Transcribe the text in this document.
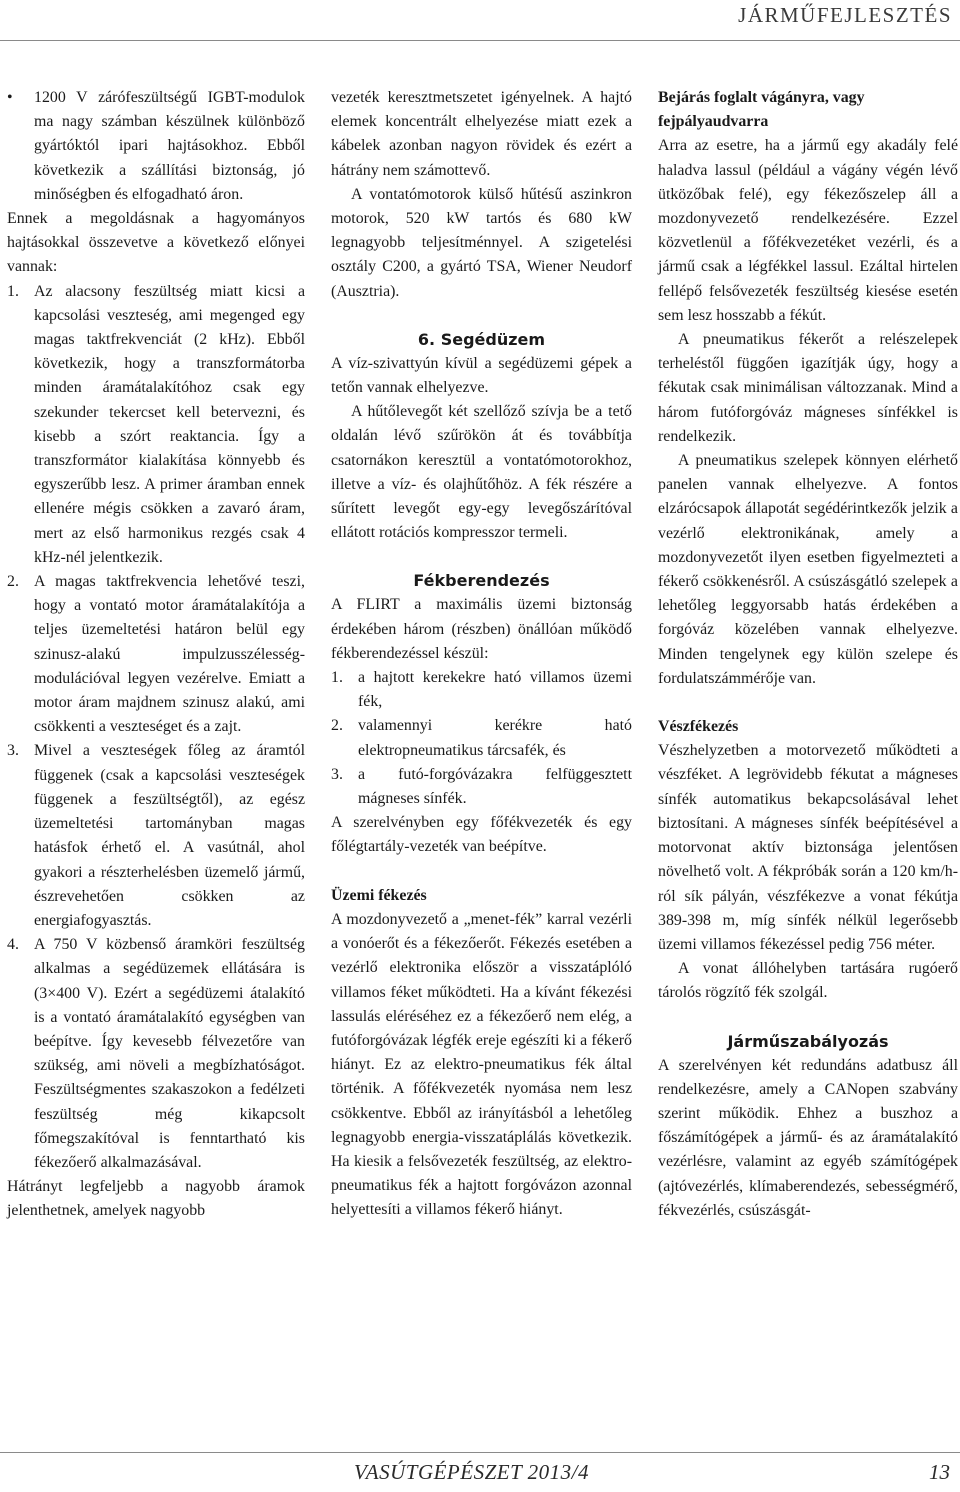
JÁRMŰFEJLESZTÉS
• 1200 V zárófeszültségű IGBT-modulok ma nagy számban készülnek különböző gyártóktól ipari hajtásokhoz. Ebből következik a szállítási biztonság, jó minőségben és elfogadható áron.

Ennek a megoldásnak a hagyományos hajtásokkal összevetve a következő előnyei vannak:

1. Az alacsony feszültség miatt kicsi a kapcsolási veszteség, ami megenged egy magas taktfrekvenciát (2 kHz). Ebből következik, hogy a transzformátorba minden áramátalakítóhoz csak egy szekunder tekercset kell betervezni, és kisebb a szórt reaktancia. Így a transzformátor kialakítása könnyebb és egyszerűbb lesz. A primer áramban ennek ellenére mégis csökken a zavaró áram, mert az első harmonikus rezgés csak 4 kHz-nél jelentkezik.

2. A magas taktfrekvencia lehetővé teszi, hogy a vontató motor áramátalakítója a teljes üzemeltetési határon belül egy szinusz-alakú impulzusszélesség-modulációval legyen vezérelve. Emiatt a motor áram majdnem szinusz alakú, ami csökkenti a veszteséget és a zajt.

3. Mivel a veszteségek főleg az áramtól függenek (csak a kapcsolási veszteségek függenek a feszültségtől), az egész üzemeltetési tartományban magas hatásfok érhető el. A vasútnál, ahol gyakori a részterhelésben üzemelő jármű, észrevehetően csökken az energiafogyasztás.

4. A 750 V közbenső áramköri feszültség alkalmas a segédüzemek ellátására is (3×400 V). Ezért a segédüzemi átalakító is a vontató áramátalakító egységben van beépítve. Így kevesebb félvezetőre van szükség, ami növeli a megbízhatóságot. Feszültségmentes szakaszokon a fedélzeti feszültség még kikapcsolt főmegszakítóval is fenntartható kis fékezőerő alkalmazásával.

Hátrányt legfeljebb a nagyobb áramok jelenthetnek, amelyek nagyobb

vezeték keresztmetszetet igényelnek. A hajtó elemek koncentrált elhelyezése miatt ezek a kábelek azonban nagyon rövidek és ezért a hátrány nem számottevő.

A vontatómotorok külső hűtésű aszinkron motorok, 520 kW tartós és 680 kW legnagyobb teljesítménnyel. A szigetelési osztály C200, a gyártó TSA, Wiener Neudorf (Ausztria).

6. Segédüzem

A víz-szivattyún kívül a segédüzemi gépek a tetőn vannak elhelyezve.

A hűtőlevegőt két szellőző szívja be a tető oldalán lévő szűrökön át és továbbítja csatornákon keresztül a vontatómotorokhoz, illetve a víz- és olajhűtőhöz. A fék részére a sűrített levegőt egy-egy levegőszárítóval ellátott rotációs kompresszor termeli.

Fékberendezés

A FLIRT a maximális üzemi biztonság érdekében három (részben) önállóan működő fékberendezéssel készül:

1. a hajtott kerekekre ható villamos üzemi fék,

2. valamennyi kerékre ható elektropneumatikus tárcsafék, és

3. a futó-forgóvázakra felfüggesztett mágneses sínfék.

A szerelvényben egy főfékvezeték és egy főlégtartály-vezeték van beépítve.

Üzemi fékezés

A mozdonyvezető a „menet-fék” karral vezérli a vonóerőt és a fékezőerőt. Fékezés esetében a vezérlő elektronika először a visszatáplóló villamos féket működteti. Ha a kívánt fékezési lassulás eléréséhez ez a fékezőerő nem elég, a futóforgóvázak légfék ereje egészíti ki a fékerő hiányt. Ez az elektro-pneumatikus fék által történik. A főfékvezeték nyomása nem lesz csökkentve. Ebből az irányításból a lehetőleg legnagyobb energia-visszatáplálás következik. Ha kiesik a felsővezeték feszültség, az elektro-pneumatikus fék a hajtott forgóvázon azonnal helyettesíti a villamos fékerő hiányt.

Bejárás foglalt vágányra, vagy fejpályaudvarra

Arra az esetre, ha a jármű egy akadály felé haladva lassul (például a vágány végén lévő ütközőbak felé), egy fékezőszelep áll a mozdonyvezető rendelkezésére. Ezzel közvetlenül a főfékvezetéket vezérli, és a jármű csak a légfékkel lassul. Ezáltal hirtelen fellépő felsővezeték feszültség kiesése esetén sem lesz hosszabb a fékút.

A pneumatikus fékerőt a relészelepek terheléstől függően igazítják úgy, hogy a fékutak csak minimálisan változzanak. Mind a három futóforgóváz mágneses sínfékkel is rendelkezik.

A pneumatikus szelepek könnyen elérhető panelen vannak elhelyezve. A fontos elzárócsapok állapotát segédérintkezők jelzik a vezérlő elektronikának, amely a mozdonyvezetőt ilyen esetben figyelmezteti a fékerő csökkenésről. A csúszásgátló szelepek a lehetőleg leggyorsabb hatás érdekében a forgóváz közelében vannak elhelyezve. Minden tengelynek egy külön szelepe és fordulatszámmérője van.

Vészfékezés

Vészhelyzetben a motorvezető működteti a vészféket. A legrövidebb fékutat a mágneses sínfék automatikus bekapcsolásával lehet biztosítani. A mágneses sínfék beépítésével a motorvonat aktív biztonsága jelentősen növelhető volt. A fékpróbák során a 120 km/h-ról sík pályán, vészfékezve a vonat fékútja 389-398 m, míg sínfék nélkül legerősebb üzemi villamos fékezéssel pedig 756 méter.

A vonat állóhelyben tartására rugóerő tárolós rögzítő fék szolgál.

Járműszabályozás

A szerelvényen két redundáns adatbusz áll rendelkezésre, amely a CANopen szabvány szerint működik. Ehhez a buszhoz a főszámítógépek a jármű- és az áramátalakító vezérlésre, valamint az egyéb számítógépek (ajtóvezérlés, klímaberendezés, sebességmérő, fékvezérlés, csúszásgát-

VASÚTGÉPÉSZET 2013/4	13
